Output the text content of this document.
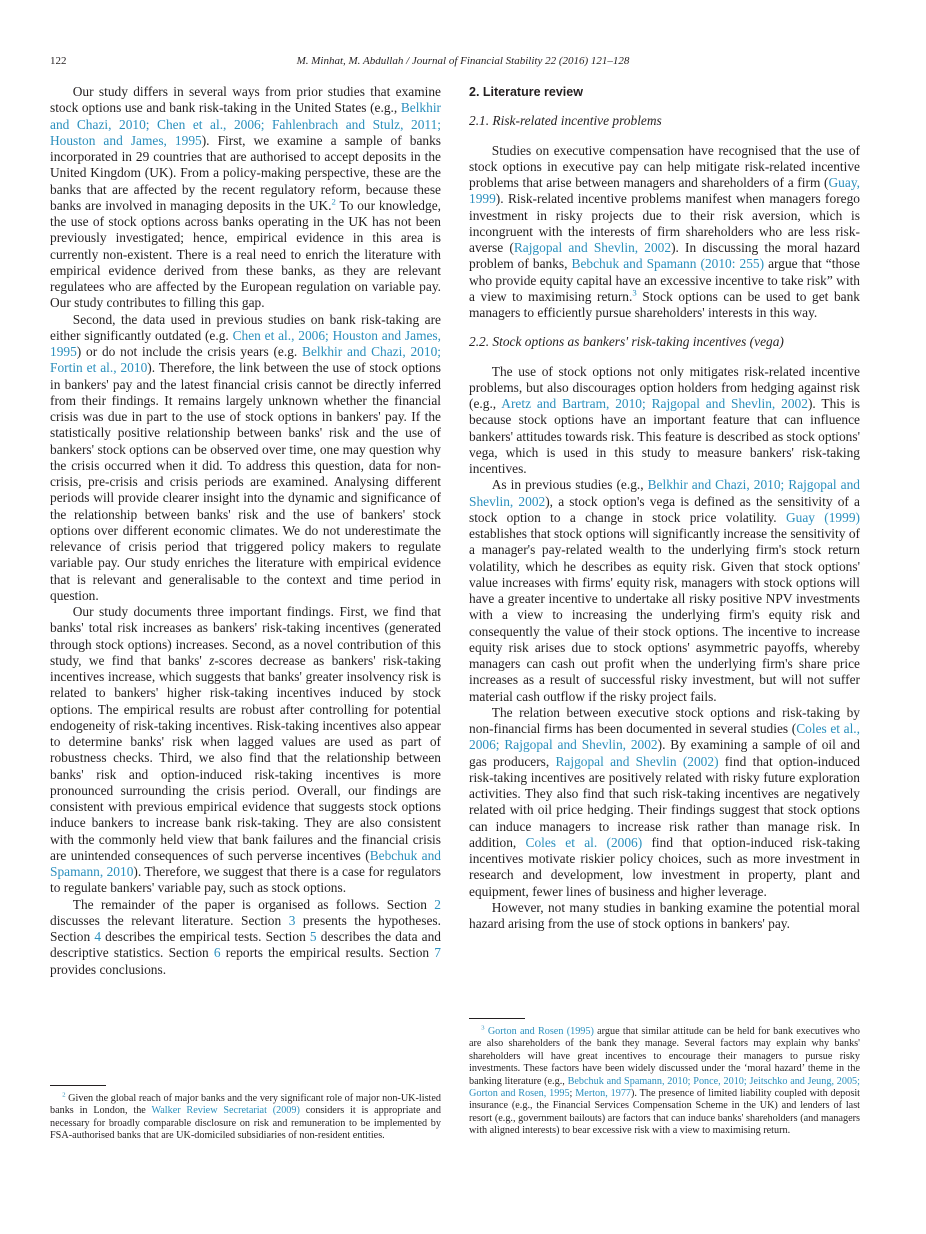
122	M. Minhat, M. Abdullah / Journal of Financial Stability 22 (2016) 121–128

Our study differs in several ways from prior studies that examine stock options use and bank risk-taking in the United States (e.g., Belkhir and Chazi, 2010; Chen et al., 2006; Fahlenbrach and Stulz, 2011; Houston and James, 1995). First, we examine a sample of banks incorporated in 29 countries that are authorised to accept deposits in the United Kingdom (UK). From a policy-making perspective, these are the banks that are affected by the recent regulatory reform, because these banks are involved in managing deposits in the UK.$^2$ To our knowledge, the use of stock options across banks operating in the UK has not been previously investigated; hence, empirical evidence in this area is currently non-existent. There is a real need to enrich the literature with empirical evidence derived from these banks, as they are relevant regulatees who are affected by the European regulation on variable pay. Our study contributes to filling this gap.

Second, the data used in previous studies on bank risk-taking are either significantly outdated (e.g. Chen et al., 2006; Houston and James, 1995) or do not include the crisis years (e.g. Belkhir and Chazi, 2010; Fortin et al., 2010). Therefore, the link between the use of stock options in bankers' pay and the latest financial crisis cannot be directly inferred from their findings. It remains largely unknown whether the financial crisis was due in part to the use of stock options in bankers' pay. If the statistically positive relationship between banks' risk and the use of bankers' stock options can be observed over time, one may question why the crisis occurred when it did. To address this question, data for non-crisis, pre-crisis and crisis periods are examined. Analysing different periods will provide clearer insight into the dynamic and significance of the relationship between banks' risk and the use of bankers' stock options over different economic climates. We do not underestimate the relevance of crisis period that triggered policy makers to regulate variable pay. Our study enriches the literature with empirical evidence that is relevant and generalisable to the context and time period in question.

Our study documents three important findings. First, we find that banks' total risk increases as bankers' risk-taking incentives (generated through stock options) increases. Second, as a novel contribution of this study, we find that banks' z-scores decrease as bankers' risk-taking incentives increase, which suggests that banks' greater insolvency risk is related to bankers' higher risk-taking incentives induced by stock options. The empirical results are robust after controlling for potential endogeneity of risk-taking incentives. Risk-taking incentives also appear to determine banks' risk when lagged values are used as part of robustness checks. Third, we also find that the relationship between banks' risk and option-induced risk-taking incentives is more pronounced surrounding the crisis period. Overall, our findings are consistent with previous empirical evidence that suggests stock options induce bankers to increase bank risk-taking. They are also consistent with the commonly held view that bank failures and the financial crisis are unintended consequences of such perverse incentives (Bebchuk and Spamann, 2010). Therefore, we suggest that there is a case for regulators to regulate bankers' variable pay, such as stock options.

The remainder of the paper is organised as follows. Section 2 discusses the relevant literature. Section 3 presents the hypotheses. Section 4 describes the empirical tests. Section 5 describes the data and descriptive statistics. Section 6 reports the empirical results. Section 7 provides conclusions.

2. Literature review

2.1. Risk-related incentive problems

Studies on executive compensation have recognised that the use of stock options in executive pay can help mitigate risk-related incentive problems that arise between managers and shareholders of a firm (Guay, 1999). Risk-related incentive problems manifest when managers forego investment in risky projects due to their risk aversion, which is incongruent with the interests of firm shareholders who are less risk-averse (Rajgopal and Shevlin, 2002). In discussing the moral hazard problem of banks, Bebchuk and Spamann (2010: 255) argue that “those who provide equity capital have an excessive incentive to take risk” with a view to maximising return.$^3$ Stock options can be used to get bank managers to efficiently pursue shareholders' interests in this way.

2.2. Stock options as bankers' risk-taking incentives (vega)

The use of stock options not only mitigates risk-related incentive problems, but also discourages option holders from hedging against risk (e.g., Aretz and Bartram, 2010; Rajgopal and Shevlin, 2002). This is because stock options have an important feature that can influence bankers' attitudes towards risk. This feature is described as stock options' vega, which is used in this study to measure bankers' risk-taking incentives.

As in previous studies (e.g., Belkhir and Chazi, 2010; Rajgopal and Shevlin, 2002), a stock option's vega is defined as the sensitivity of a stock option to a change in stock price volatility. Guay (1999) establishes that stock options will significantly increase the sensitivity of a manager's pay-related wealth to the underlying firm's stock return volatility, which he describes as equity risk. Given that stock options' value increases with firms' equity risk, managers with stock options will have a greater incentive to undertake all risky positive NPV investments with a view to increasing the underlying firm's equity risk and consequently the value of their stock options. The incentive to increase equity risk arises due to stock options' asymmetric payoffs, whereby managers can cash out profit when the underlying firm's share price increases as a result of successful risky investment, but will not suffer material cash outflow if the risky project fails.

The relation between executive stock options and risk-taking by non-financial firms has been documented in several studies (Coles et al., 2006; Rajgopal and Shevlin, 2002). By examining a sample of oil and gas producers, Rajgopal and Shevlin (2002) find that option-induced risk-taking incentives are positively related with risky future exploration activities. They also find that such risk-taking incentives are negatively related with oil price hedging. Their findings suggest that stock options can induce managers to increase risk rather than manage risk. In addition, Coles et al. (2006) find that option-induced risk-taking incentives motivate riskier policy choices, such as more investment in research and development, low investment in property, plant and equipment, fewer lines of business and higher leverage.

However, not many studies in banking examine the potential moral hazard arising from the use of stock options in bankers' pay.

$^2$ Given the global reach of major banks and the very significant role of major non-UK-listed banks in London, the Walker Review Secretariat (2009) considers it is appropriate and necessary for broadly comparable disclosure on risk and remuneration to be implemented by FSA-authorised banks that are UK-domiciled subsidiaries of non-resident entities.

$^3$ Gorton and Rosen (1995) argue that similar attitude can be held for bank executives who are also shareholders of the bank they manage. Several factors may explain why banks' shareholders will have great incentives to encourage their managers to pursue risky investments. These factors have been widely discussed under the ‘moral hazard’ theme in the banking literature (e.g., Bebchuk and Spamann, 2010; Ponce, 2010; Jeitschko and Jeung, 2005; Gorton and Rosen, 1995; Merton, 1977). The presence of limited liability coupled with deposit insurance (e.g., the Financial Services Compensation Scheme in the UK) and lenders of last resort (e.g., government bailouts) are factors that can induce banks' shareholders (and managers with aligned interests) to bear excessive risk with a view to maximising return.
